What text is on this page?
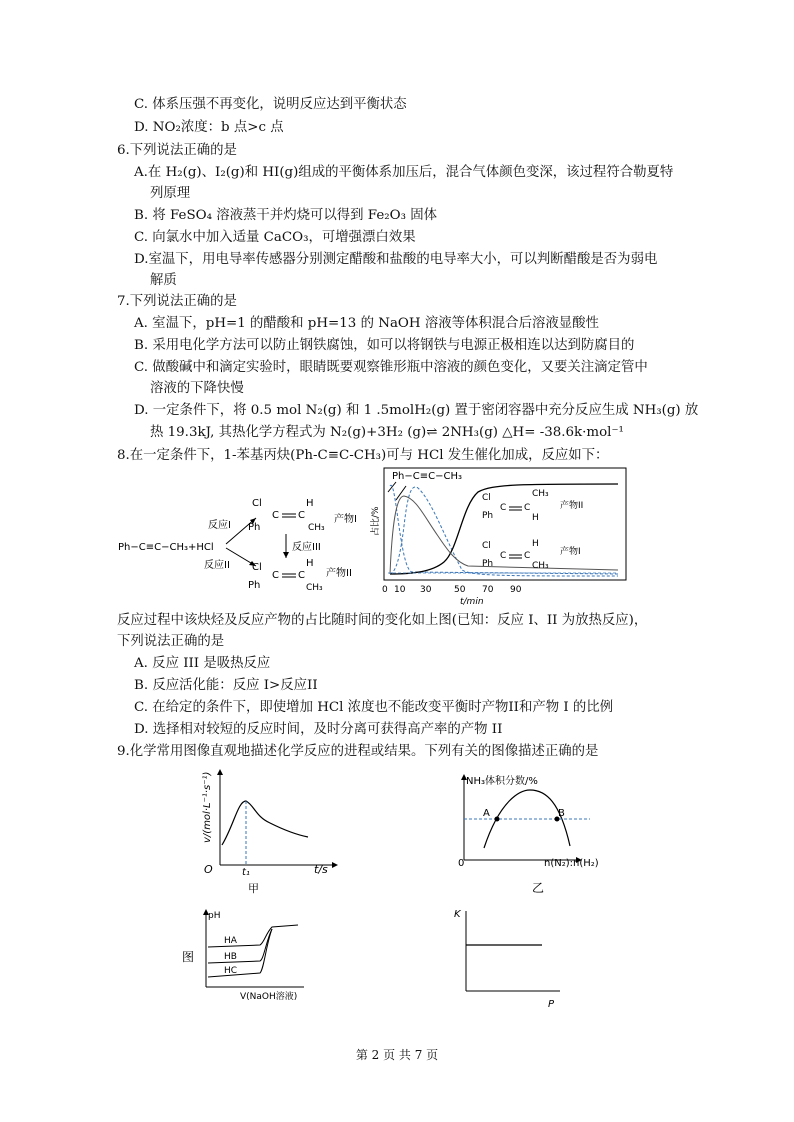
C. 体系压强不再变化，说明反应达到平衡状态
D. NO₂浓度：b 点>c 点
6.下列说法正确的是
A.在 H₂(g)、I₂(g)和 HI(g)组成的平衡体系加压后，混合气体颜色变深，该过程符合勒夏特
列原理
B. 将 FeSO₄ 溶液蒸干并灼烧可以得到 Fe₂O₃ 固体
C. 向氯水中加入适量 CaCO₃，可增强漂白效果
D.室温下，用电导率传感器分别测定醋酸和盐酸的电导率大小，可以判断醋酸是否为弱电
解质
7.下列说法正确的是
A. 室温下，pH=1 的醋酸和 pH=13 的 NaOH 溶液等体积混合后溶液显酸性
B. 采用电化学方法可以防止钢铁腐蚀，如可以将钢铁与电源正极相连以达到防腐目的
C. 做酸碱中和滴定实验时，眼睛既要观察锥形瓶中溶液的颜色变化，又要关注滴定管中
溶液的下降快慢
D. 一定条件下，将 0.5 mol N₂(g) 和 1 .5molH₂(g) 置于密闭容器中充分反应生成 NH₃(g) 放
热 19.3kJ, 其热化学方程式为 N₂(g)+3H₂ (g)⇌ 2NH₃(g) △H= -38.6k·mol⁻¹
8.在一定条件下，1-苯基丙炔(Ph-C≡C-CH₃)可与 HCl 发生催化加成，反应如下：
Ph−C≡C−CH₃+HCl
反应I
反应II
Cl
Ph
C C
H
CH₃
产物I
反应III
Cl
Ph
C C
H
CH₃
产物II
Ph−C≡C−CH₃
占比/%
Cl
Ph
C C
CH₃
H
产物II
Cl
Ph
C C
H
CH₃
产物I
0 10 30	50 70 90
t/min
反应过程中该炔烃及反应产物的占比随时间的变化如上图(已知：反应 I、II 为放热反应)，
下列说法正确的是
A. 反应 III 是吸热反应
B. 反应活化能：反应 I>反应II
C. 在给定的条件下，即使增加 HCl 浓度也不能改变平衡时产物II和产物 I 的比例
D. 选择相对较短的反应时间，及时分离可获得高产率的产物 II
9.化学常用图像直观地描述化学反应的进程或结果。下列有关的图像描述正确的是
v/(mol·L⁻¹·s⁻¹)
O	t₁	t/s
甲
NH₃体积分数/%
A	B
0	n(N₂):n(H₂)
乙
图
pH
HA
HB
HC
V(NaOH溶液)
K
P
第 2 页 共 7 页
